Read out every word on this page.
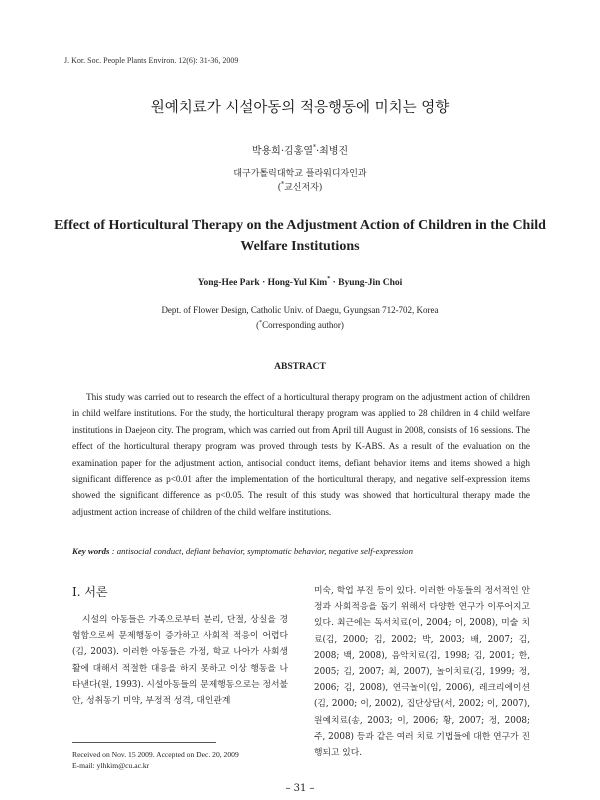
J. Kor. Soc. People Plants Environ. 12(6): 31-36, 2009
원예치료가 시설아동의 적응행동에 미치는 영향
박용희·김홍열*·최병진
대구가톨릭대학교 플라워디자인과
(*교신저자)
Effect of Horticultural Therapy on the Adjustment Action of Children in the Child Welfare Institutions
Yong-Hee Park · Hong-Yul Kim* · Byung-Jin Choi
Dept. of Flower Design, Catholic Univ. of Daegu, Gyungsan 712-702, Korea
(*Corresponding author)
ABSTRACT
This study was carried out to research the effect of a horticultural therapy program on the adjustment action of children in child welfare institutions. For the study, the horticultural therapy program was applied to 28 children in 4 child welfare institutions in Daejeon city. The program, which was carried out from April till August in 2008, consists of 16 sessions. The effect of the horticultural therapy program was proved through tests by K-ABS. As a result of the evaluation on the examination paper for the adjustment action, antisocial conduct items, defiant behavior items and items showed a high significant difference as p<0.01 after the implementation of the horticultural therapy, and negative self-expression items showed the significant difference as p<0.05. The result of this study was showed that horticultural therapy made the adjustment action increase of children of the child welfare institutions.
Key words : antisocial conduct, defiant behavior, symptomatic behavior, negative self-expression
I. 서론
시설의 아동들은 가족으로부터 분리, 단절, 상실을 경험함으로써 문제행동이 증가하고 사회적 적응이 어렵다(김, 2003). 이러한 아동들은 가정, 학교 나아가 사회생활에 대해서 적절한 대응을 하지 못하고 이상 행동을 나타낸다(원, 1993). 시설아동들의 문제행동으로는 정서불안, 성취동기 미약, 부정적 성격, 대인관계
미숙, 학업 부진 등이 있다. 이러한 아동들의 정서적인 안정과 사회적응을 돕기 위해서 다양한 연구가 이루어지고 있다. 최근에는 독서치료(이, 2004; 이, 2008), 미술 치료(김, 2000; 김, 2002; 박, 2003; 배, 2007; 김, 2008; 백, 2008), 음악치료(김, 1998; 김, 2001; 한, 2005; 김, 2007; 최, 2007), 놀이치료(김, 1999; 정, 2006; 김, 2008), 연극놀이(임, 2006), 레크리에이션(김, 2000; 이, 2002), 집단상담(서, 2002; 이, 2007), 원예치료(송, 2003; 이, 2006; 황, 2007; 정, 2008; 주, 2008) 등과 같은 여러 치료 기법들에 대한 연구가 진행되고 있다.
Received on Nov. 15 2009. Accepted on Dec. 20, 2009
E-mail: ylhkim@cu.ac.kr
– 31 –
